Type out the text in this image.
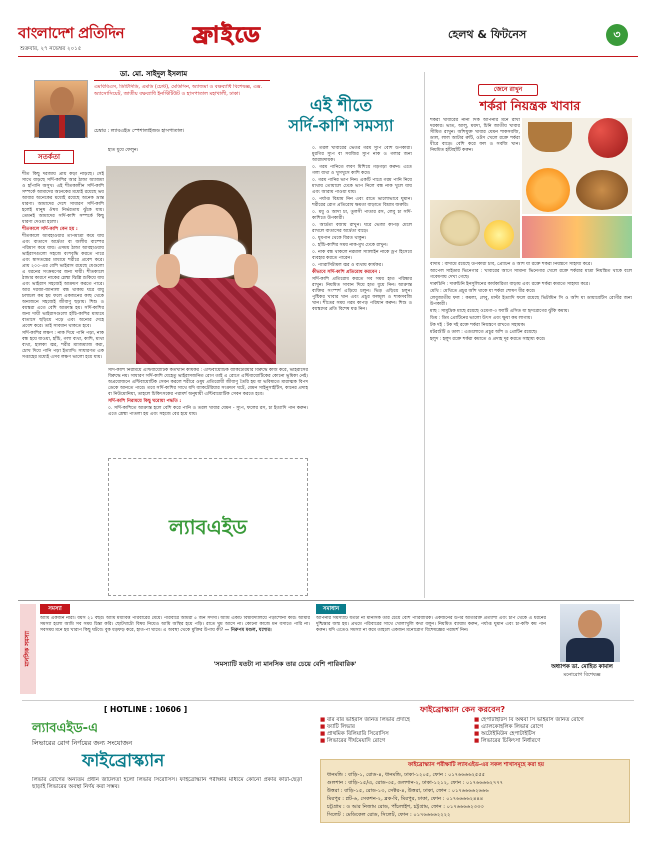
বাংলাদেশ প্রতিদিন
শুক্রবার, ২৭ নভেম্বর ২০১৫
ফ্রাইডে	হেলথ & ফিটনেস	৩
ডা. মো. সাইদুল ইসলাম
এমবিবিএস, ডিটিসিডি, এমডি (চেস্ট), মেডিসিন, অ্যাজমা ও বক্ষব্যাধি বিশেষজ্ঞ, এক্স. অ্যাসোসিয়েট, জাতীয় বক্ষব্যাধি ইনস্টিটিউট ও হাসপাতাল মহাখালী, ঢাকা।
চেম্বার : ল্যাবএইড স্পেশালাইজড হাসপাতাল।
এই শীতে
সর্দি-কাশি সমস্যা
সতর্কতা

শীত কিছু দরজায় প্রায় কড়া নাড়ছে। সেই সাথে বাড়ছে সর্দি-কাশির আর ঠান্ডা অ্যাজমা ও হাঁপানি অসুখ। এই শীতকালীন সর্দি-কাশি সম্পর্কে আমাদের অনেকের মধ্যেই রয়েছে ভয় আবার অনেকের মধ্যেই রয়েছে অনেক ভ্রান্ত ধারণা। আমাদের দেশে সাধারণ সর্দি-কাশি হলেই মানুষ ঔষধ নির্ভরতায় ঝুঁকে যায়। তেমনই আমাদের সর্দি-কাশি সম্পর্কে কিছু ধারণা দেওয়া হলো।

শীতকালে সর্দি-কাশি কেন হয় :

শীতকালে আবহাওয়ার তাপমাত্রা কমে যায় এবং বাতাসে আর্দ্রতা বা জলীয় বাষ্পের পরিমাণ কমে যায়। এসময় ঠান্ডা আবহাওয়ায় ভাইরাসগুলো সহজে বংশবৃদ্ধি করতে পারে এবং শ্বাসতন্ত্রের মাধ্যমে শরীরে প্রবেশ করে। প্রায় ২০০-এর বেশি ভাইরাস রয়েছে যেগুলো এ ধরনের সংক্রমণের জন্য দায়ী। শীতকালে ঠান্ডার কারণে নাকের শ্লেষ্মা ঝিল্লি শুকিয়ে যায় এবং ভাইরাস সহজেই আক্রমণ করতে পারে। আর দরজা-জানালা বন্ধ থাকায় ঘরে বায়ু চলাচল কম হয় ফলে একজনের কাছ থেকে অন্যজনে সহজেই জীবাণু ছড়ায়। শিশু ও বয়স্করা এতে বেশি আক্রান্ত হয়। সর্দি-কাশির জন্য দায়ী ভাইরাসগুলো হাঁচি-কাশির মাধ্যমে বাতাসে ছড়িয়ে পড়ে এবং অন্যের দেহে প্রবেশ করে। তাই সাবধান থাকতে হবে।

সর্দি-কাশির লক্ষণ : নাক দিয়ে পানি পড়া, নাক বন্ধ হয়ে যাওয়া, হাঁচি, গলা ব্যথা, কাশি, মাথা ব্যথা, হালকা জ্বর, শরীর ম্যাজম্যাজ করা, চোখ দিয়ে পানি পড়া ইত্যাদি। সাধারণত এক সপ্তাহের মধ্যেই এসব লক্ষণ ভালো হয়ে যায়।

হাত ধুয়ে ফেলুন।

সর্দি-কাশি নিরাময়ে এন্টিবায়োটিক কতখানি কার্যকর : এন্টিবায়োটিক ব্যাকটেরিয়ার বিরুদ্ধে কাজ করে, ভাইরাসের বিরুদ্ধে নয়। সাধারণ সর্দি-কাশি যেহেতু ভাইরাসজনিত রোগ তাই এ রোগে এন্টিবায়োটিকের কোনো ভূমিকা নেই। অপ্রয়োজনে এন্টিবায়োটিক সেবন করলে শরীরে ওষুধ প্রতিরোধী জীবাণু তৈরি হয় যা ভবিষ্যতে মারাত্মক বিপদ ডেকে আনতে পারে। তবে সর্দি-কাশির সাথে যদি ব্যাকটেরিয়ার সংক্রমণ ঘটে, যেমন সাইনুসাইটিস, কানের প্রদাহ বা নিউমোনিয়া, তাহলে চিকিৎসকের পরামর্শ অনুযায়ী এন্টিবায়োটিক সেবন করতে হবে।

সর্দি-কাশি নিরাময়ে কিছু ঘরোয়া পদ্ধতি :

০. সর্দি-কাশিতে আক্রান্ত হলে বেশি করে পানি ও তরল খাবার যেমন - স্যুপ, ফলের রস, চা ইত্যাদি পান করুন। এতে শ্লেষ্মা পাতলা হয় এবং সহজে বের হয়ে যায়।

ল্যাবএইড

০. তরল খাবারের ভেতর গরম স্যুপ বেশি উপকারী। মুরগির স্যুপ বা সবজির স্যুপ নাক ও গলার জন্য আরামদায়ক।

০. গরম পানিতে লবণ মিশিয়ে গড়গড়া করুন। এতে গলা ব্যথা ও খুসখুসে কাশি কমে।

০. গরম পানির ভাপ নিন। একটি পাত্রে গরম পানি নিয়ে মাথায় তোয়ালে ঢেকে ভাপ নিলে বন্ধ নাক খুলে যায় এবং আরাম পাওয়া যায়।

০. পর্যাপ্ত বিশ্রাম নিন এবং রাতে ভালোভাবে ঘুমান। শরীরের রোগ প্রতিরোধ ক্ষমতা বাড়াতে বিশ্রাম জরুরি।

০. মধু ও আদা চা, তুলসী পাতার রস, লেবু চা সর্দি-কাশিতে উপকারী।

০. আর্দ্রতা বজায় রাখুন। ঘরে ভেজা কাপড় মেলে রাখলে বাতাসের আর্দ্রতা বাড়ে।

০. ধূমপান থেকে বিরত থাকুন।

০. হাঁচি-কাশির সময় নাক-মুখ ঢেকে রাখুন।

০. নাক বন্ধ থাকলে নরমাল স্যালাইন নাকে ড্রপ হিসেবে ব্যবহার করতে পারেন।

০. প্যারাসিটামল জ্বর ও ব্যথায় কার্যকর।

কীভাবে সর্দি-কাশি প্রতিরোধ করবেন :

সর্দি-কাশি প্রতিরোধ করতে সব সময় হাত পরিষ্কার রাখুন। নিয়মিত সাবান দিয়ে হাত ধুয়ে নিন। আক্রান্ত ব্যক্তির সংস্পর্শ এড়িয়ে চলুন। ভিড় এড়িয়ে চলুন। পুষ্টিকর খাবার খান এবং প্রচুর ফলমূল ও শাকসবজি খান। শীতের সময় গরম কাপড় পরিধান করুন। শিশু ও বয়স্কদের প্রতি বিশেষ যত্ন নিন।

জেনে রাখুন
শর্করা নিয়ন্ত্রক খাবার
শর্করা খাবারের নানা দিক আপনার মনে রাখা দরকার। ভাত, আলু, ময়দা, চিনি জাতীয় খাবার সীমিত রাখুন। আঁশযুক্ত খাবার যেমন শাকসবজি, ডাল, লাল আটার রুটি, ওটস খেলে রক্তে শর্করা ধীরে বাড়ে। বেশি করে ফল ও সবজি খান। নিয়মিত হাঁটাহাঁটি করুন।

বাদাম : বাদামে রয়েছে উপকারী চর্বি, প্রোটিন ও আঁশ যা রক্তে শর্করা নিয়ন্ত্রণে সাহায্য করে।

আপেল সাইডার ভিনেগার : খাবারের আগে সামান্য ভিনেগার খেলে রক্তে শর্করার মাত্রা নিয়ন্ত্রিত থাকে বলে গবেষণায় দেখা গেছে।

দারুচিনি : দারুচিনি ইনসুলিনের কার্যকারিতা বাড়ায় এবং রক্তে শর্করা কমাতে সাহায্য করে।

মেথি : মেথিতে প্রচুর আঁশ থাকে যা শর্করা শোষণ ধীর করে।

লেবুজাতীয় ফল : কমলা, লেবু, মাল্টা ইত্যাদি ফলে রয়েছে ভিটামিন সি ও আঁশ যা ডায়াবেটিস রোগীর জন্য উপকারী।

মাছ : সামুদ্রিক মাছে রয়েছে ওমেগা-৩ ফ্যাটি এসিড যা হৃদরোগের ঝুঁকি কমায়।

ডিম : ডিম প্রোটিনের ভালো উৎস এবং ক্ষুধা কম লাগায়।

টক দই : টক দই রক্তে শর্করা নিয়ন্ত্রণে রাখতে সহায়ক।

মটরশুঁটি ও ডাল : এগুলোতে প্রচুর আঁশ ও প্রোটিন রয়েছে।

হলুদ : হলুদ রক্তে শর্করা কমাতে ও প্রদাহ দূর করতে সাহায্য করে।

মানসিক সমস্যা
সমস্যা
আমি একজন নারী। বয়স ২১ বছর। আমি মধ্যবিত্ত পরিবারের মেয়ে। পরিবারে আমরা ৫ জন সদস্য। আমি একটি বিশ্ববিদ্যালয়ে পড়াশোনা করি। আমার সমস্যা হলো আমি সব সময় চিন্তা করি। ছোটখাটো বিষয় নিয়েও আমি অস্থির হয়ে পড়ি। রাতে ঘুম আসে না। কোনো কাজে মন বসাতে পারি না। সবসময় মনে হয় খারাপ কিছু ঘটবে। বুক ধড়ফড় করে, হাত-পা ঘামে। এ অবস্থা থেকে মুক্তির উপায় কী? — নিরুপম মণ্ডল, যশোর।
সমাধান
'সমস্যাটি যতটা না মানসিক তার চেয়ে বেশি পারিবারিক'
আপনার সমস্যাটি যতটা না মানসিক তার চেয়ে বেশি পারিবারিক। একজনের উপর অতিরিক্ত প্রত্যাশা এবং চাপ থেকে এ ধরনের দুশ্চিন্তার জন্ম হয়। প্রথমে পরিবারের সাথে খোলাখুলি কথা বলুন। নিয়মিত ব্যায়াম করুন, পর্যাপ্ত ঘুমান এবং চা-কফি কম পান করুন। যদি এতেও সমস্যা না কমে তাহলে একজন মনোরোগ বিশেষজ্ঞের পরামর্শ নিন।
অধ্যাপক ডা. মোহিত কামাল
মনোরোগ বিশেষজ্ঞ
[ HOTLINE : 10606 ]
ল্যাবএইড-এ
লিভারের রোগ নির্ণয়ের জন্য সংযোজন
ফাইব্রোস্ক্যান
লিভার রোগের অন্যতম প্রধান জটিলতা হলো লিভার সিরোসিস। ফাইব্রোস্ক্যান পরীক্ষার মাধ্যমে কোনো প্রকার কাটা-ছেঁড়া ছাড়াই লিভারের অবস্থা নির্ণয় করা সম্ভব।
ফাইব্রোস্ক্যান কেন করবেন?
■ বার বার ভাইরাস জনিত লিভার প্রদাহে
■ ফ্যাটি লিভার
■ প্রাথমিক বিলিয়ারি সিরোসিস
■ লিভারের দীর্ঘমেয়াদি রোগে
■ হেপাটাইটিস বি অথবা সি ভাইরাস জনিত রোগে
■ এ্যালকোহলিক লিভার রোগে
■ অটোইমিউন হেপাটাইটিস
■ লিভারের চিকিৎসা নির্ধারণে
ফাইব্রোস্ক্যান পরীক্ষাটি ল্যাবএইড-এর সকল শাখাসমূহে করা হয়
ধানমন্ডি : বাড়ি-১, রোড-৪, ধানমন্ডি, ঢাকা-১২০৫, ফোন : ০১৭৬৬৬৬২৫৫৫
গুলশান : বাড়ি-১৫/এ, রোড-৩৫, গুলশান-২, ঢাকা-১২১২, ফোন : ০১৭৬৬৬৬২৭৭৭
উত্তরা : বাড়ি-১৫, রোড-১৩, সেক্টর-৪, উত্তরা, ঢাকা, ফোন : ০১৭৬৬৬৬২৬৬৬
মিরপুর : প্লট-৬, সেকশন-২, ব্লক-বি, মিরপুর, ঢাকা, ফোন : ০১৭৬৬৬৬২৪৪৪
চট্টগ্রাম : ও আর নিজাম রোড, পাঁচলাইশ, চট্টগ্রাম, ফোন : ০১৭৬৬৬৬২৩৩৩
সিলেট : মেডিকেল রোড, সিলেট, ফোন : ০১৭৬৬৬৬২২২২
